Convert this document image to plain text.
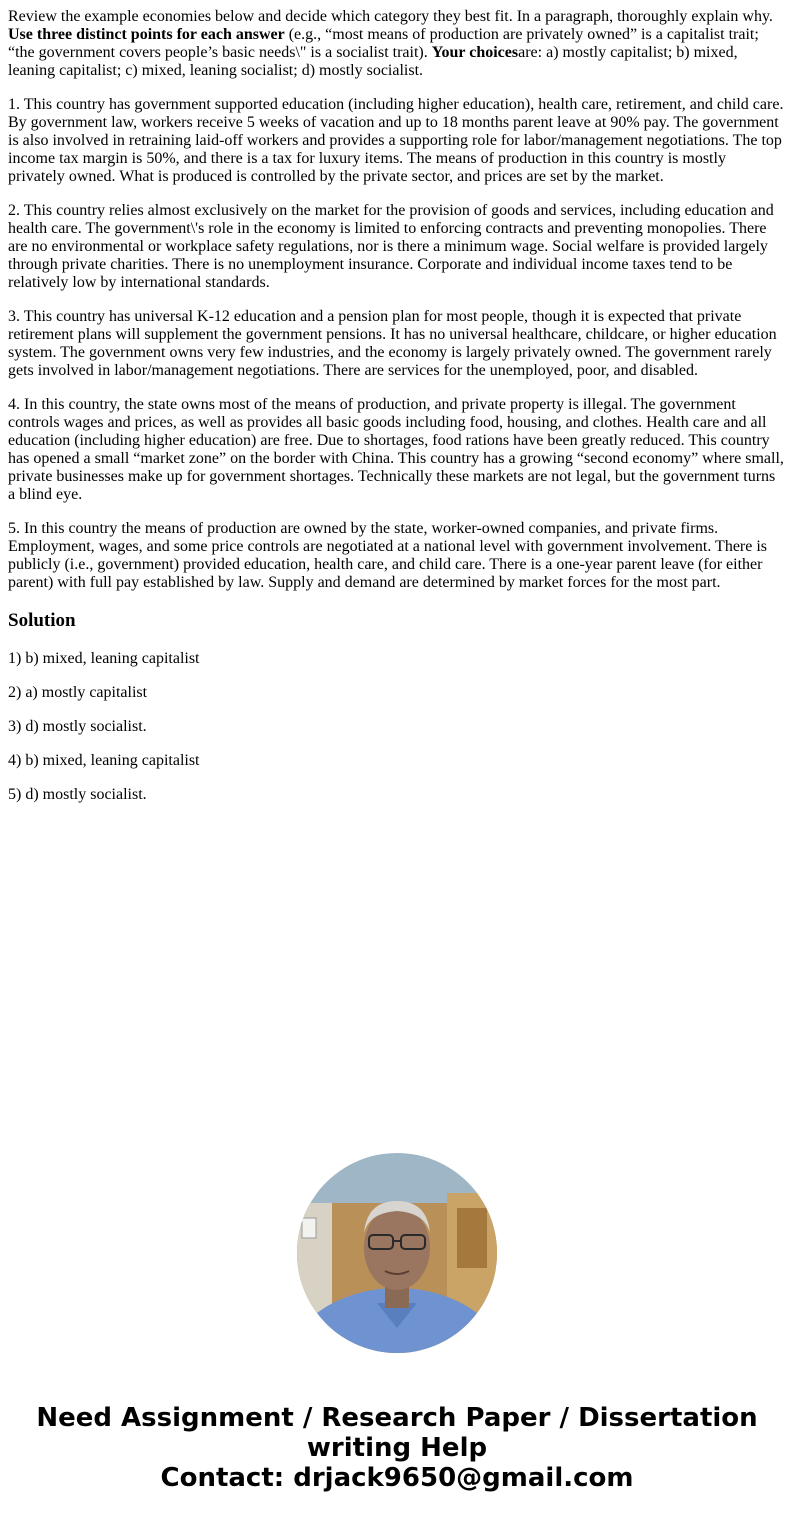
Review the example economies below and decide which category they best fit. In a paragraph, thoroughly explain why. Use three distinct points for each answer (e.g., “most means of production are privately owned” is a capitalist trait; “the government covers people’s basic needs\" is a socialist trait). Your choicesare: a) mostly capitalist; b) mixed, leaning capitalist; c) mixed, leaning socialist; d) mostly socialist.

1. This country has government supported education (including higher education), health care, retirement, and child care. By government law, workers receive 5 weeks of vacation and up to 18 months parent leave at 90% pay. The government is also involved in retraining laid-off workers and provides a supporting role for labor/management negotiations. The top income tax margin is 50%, and there is a tax for luxury items. The means of production in this country is mostly privately owned. What is produced is controlled by the private sector, and prices are set by the market.

2. This country relies almost exclusively on the market for the provision of goods and services, including education and health care. The government\'s role in the economy is limited to enforcing contracts and preventing monopolies. There are no environmental or workplace safety regulations, nor is there a minimum wage. Social welfare is provided largely through private charities. There is no unemployment insurance. Corporate and individual income taxes tend to be relatively low by international standards.

3. This country has universal K-12 education and a pension plan for most people, though it is expected that private retirement plans will supplement the government pensions. It has no universal healthcare, childcare, or higher education system. The government owns very few industries, and the economy is largely privately owned. The government rarely gets involved in labor/management negotiations. There are services for the unemployed, poor, and disabled.

4. In this country, the state owns most of the means of production, and private property is illegal. The government controls wages and prices, as well as provides all basic goods including food, housing, and clothes. Health care and all education (including higher education) are free. Due to shortages, food rations have been greatly reduced. This country has opened a small “market zone” on the border with China. This country has a growing “second economy” where small, private businesses make up for government shortages. Technically these markets are not legal, but the government turns a blind eye.

5. In this country the means of production are owned by the state, worker-owned companies, and private firms. Employment, wages, and some price controls are negotiated at a national level with government involvement. There is publicly (i.e., government) provided education, health care, and child care. There is a one-year parent leave (for either parent) with full pay established by law. Supply and demand are determined by market forces for the most part.

Solution

1) b) mixed, leaning capitalist

2) a) mostly capitalist

3) d) mostly socialist.

4) b) mixed, leaning capitalist

5) d) mostly socialist.

Need Assignment / Research Paper / Dissertation
writing Help
Contact: drjack9650@gmail.com
